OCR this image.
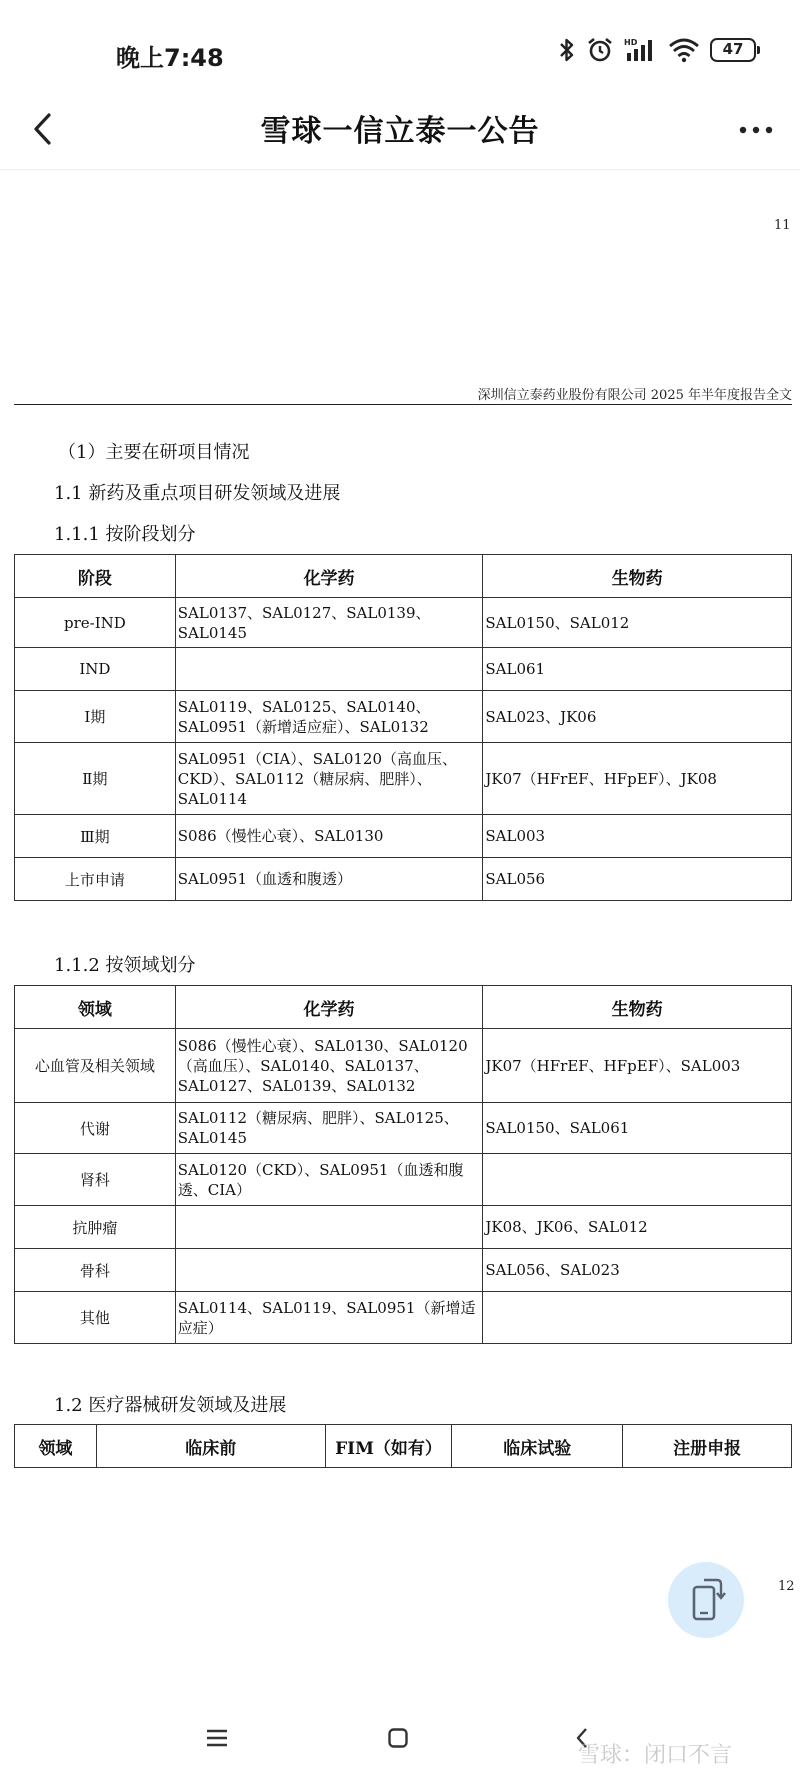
晚上7:48
HD	47
雪球一信立泰一公告
11
深圳信立泰药业股份有限公司 2025 年半年度报告全文
（1）主要在研项目情况
1.1 新药及重点项目研发领域及进展
1.1.1 按阶段划分
阶段	化学药	生物药
pre-IND	SAL0137、SAL0127、SAL0139、SAL0145	SAL0150、SAL012
IND		SAL061
Ⅰ期	SAL0119、SAL0125、SAL0140、SAL0951（新增适应症）、SAL0132	SAL023、JK06
Ⅱ期	SAL0951（CIA）、SAL0120（高血压、CKD）、SAL0112（糖尿病、肥胖）、SAL0114	JK07（HFrEF、HFpEF）、JK08
Ⅲ期	S086（慢性心衰）、SAL0130	SAL003
上市申请	SAL0951（血透和腹透）	SAL056
1.1.2 按领域划分
领域	化学药	生物药
心血管及相关领域	S086（慢性心衰）、SAL0130、SAL0120（高血压）、SAL0140、SAL0137、SAL0127、SAL0139、SAL0132	JK07（HFrEF、HFpEF）、SAL003
代谢	SAL0112（糖尿病、肥胖）、SAL0125、SAL0145	SAL0150、SAL061
肾科	SAL0120（CKD）、SAL0951（血透和腹透、CIA）	
抗肿瘤		JK08、JK06、SAL012
骨科		SAL056、SAL023
其他	SAL0114、SAL0119、SAL0951（新增适应症）	
1.2 医疗器械研发领域及进展
领域	临床前	FIM（如有）	临床试验	注册申报
12
雪球：闭口不言
